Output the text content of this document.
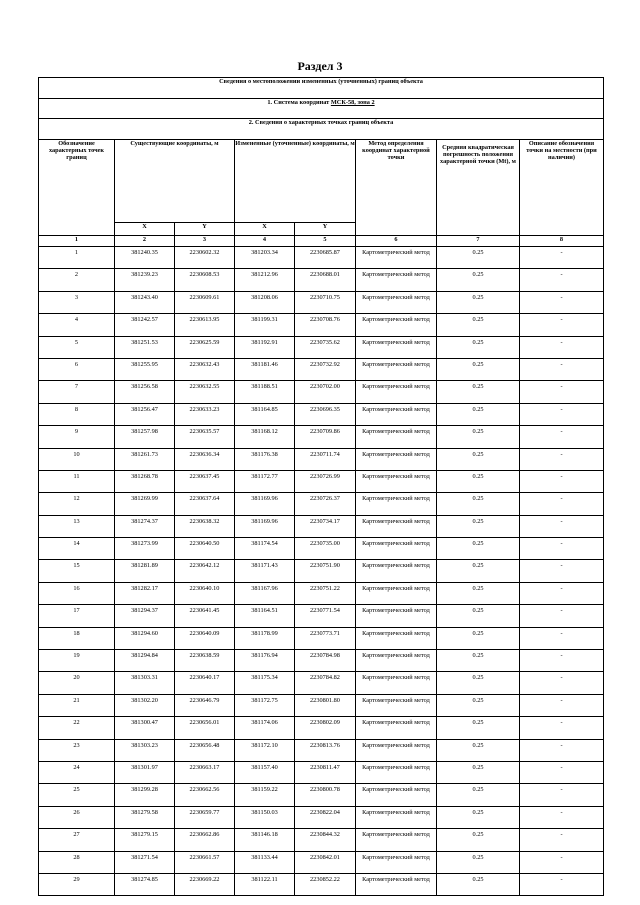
Раздел 3
Сведения о местоположении измененных (уточненных) границ объекта							
1. Система координат МСК-58, зона 2							
2. Сведения о характерных точках границ объекта							
Обозначение характерных точек границ	Существующие координаты, м		Измененные (уточненные) координаты, м		Метод определения координат характерной точки	Средняя квадратическая погрешность положения характерной точки (Mt), м	Описание обозначения точки на местности (при наличии)
	X	Y	X	Y			
1	2	3	4	5	6	7	8
1	381240.35	2230602.32	381203.34	2230685.87	Картометрический метод	0.25	-
2	381239.23	2230608.53	381212.96	2230688.01	Картометрический метод	0.25	-
3	381243.40	2230609.61	381208.06	2230710.75	Картометрический метод	0.25	-
4	381242.57	2230613.95	381199.31	2230708.76	Картометрический метод	0.25	-
5	381251.53	2230625.59	381192.91	2230735.62	Картометрический метод	0.25	-
6	381255.95	2230632.43	381181.46	2230732.92	Картометрический метод	0.25	-
7	381256.58	2230632.55	381188.51	2230702.00	Картометрический метод	0.25	-
8	381256.47	2230633.23	381164.85	2230696.35	Картометрический метод	0.25	-
9	381257.98	2230635.57	381168.12	2230709.86	Картометрический метод	0.25	-
10	381261.73	2230636.34	381176.38	2230711.74	Картометрический метод	0.25	-
11	381268.78	2230637.45	381172.77	2230726.99	Картометрический метод	0.25	-
12	381269.99	2230637.64	381169.96	2230726.37	Картометрический метод	0.25	-
13	381274.37	2230638.32	381169.96	2230734.17	Картометрический метод	0.25	-
14	381273.99	2230640.50	381174.54	2230735.00	Картометрический метод	0.25	-
15	381281.89	2230642.12	381171.43	2230751.90	Картометрический метод	0.25	-
16	381282.17	2230640.10	381167.96	2230751.22	Картометрический метод	0.25	-
17	381294.37	2230641.45	381164.51	2230771.54	Картометрический метод	0.25	-
18	381294.60	2230640.09	381178.99	2230773.71	Картометрический метод	0.25	-
19	381294.84	2230638.59	381176.94	2230784.98	Картометрический метод	0.25	-
20	381303.31	2230640.17	381175.34	2230784.82	Картометрический метод	0.25	-
21	381302.20	2230646.79	381172.75	2230801.80	Картометрический метод	0.25	-
22	381300.47	2230656.01	381174.06	2230802.09	Картометрический метод	0.25	-
23	381303.23	2230656.48	381172.10	2230813.76	Картометрический метод	0.25	-
24	381301.97	2230663.17	381157.40	2230811.47	Картометрический метод	0.25	-
25	381299.28	2230662.56	381159.22	2230800.78	Картометрический метод	0.25	-
26	381279.58	2230659.77	381150.03	2230822.04	Картометрический метод	0.25	-
27	381279.15	2230662.86	381146.18	2230844.32	Картометрический метод	0.25	-
28	381271.54	2230661.57	381133.44	2230842.01	Картометрический метод	0.25	-
29	381274.85	2230669.22	381122.11	2230852.22	Картометрический метод	0.25	-
